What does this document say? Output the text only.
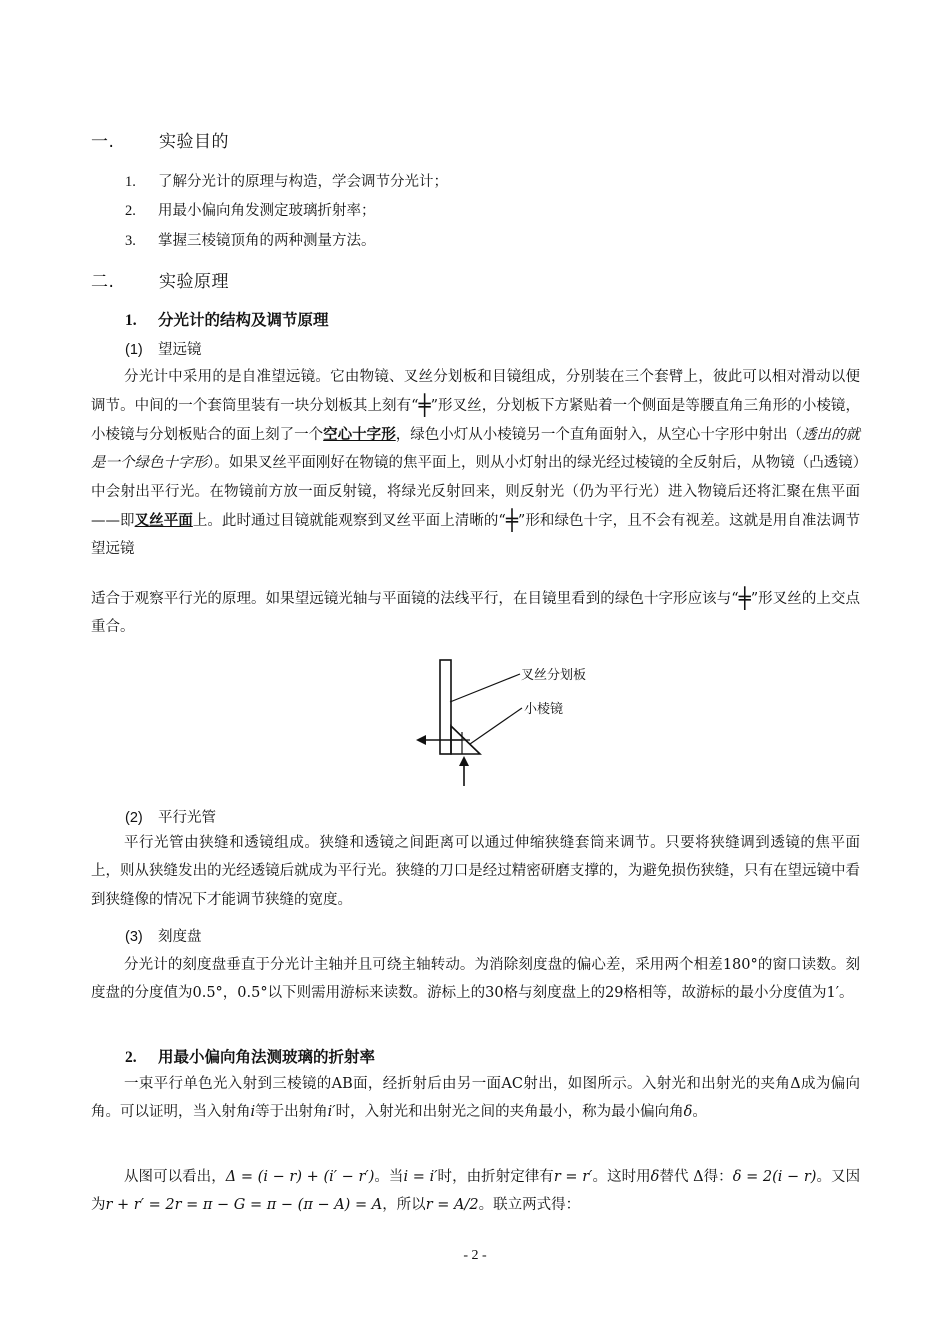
一.	实验目的
1. 了解分光计的原理与构造，学会调节分光计；
2. 用最小偏向角发测定玻璃折射率；
3. 掌握三棱镜顶角的两种测量方法。
二.	实验原理
1. 分光计的结构及调节原理
(1) 望远镜

分光计中采用的是自准望远镜。它由物镜、叉丝分划板和目镜组成，分别装在三个套臂上，彼此可以相对滑动以便调节。中间的一个套筒里装有一块分划板其上刻有“╪”形叉丝，分划板下方紧贴着一个侧面是等腰直角三角形的小棱镜，小棱镜与分划板贴合的面上刻了一个空心十字形，绿色小灯从小棱镜另一个直角面射入，从空心十字形中射出（透出的就是一个绿色十字形）。如果叉丝平面刚好在物镜的焦平面上，则从小灯射出的绿光经过棱镜的全反射后，从物镜（凸透镜）中会射出平行光。在物镜前方放一面反射镜，将绿光反射回来，则反射光（仍为平行光）进入物镜后还将汇聚在焦平面——即叉丝平面上。此时通过目镜就能观察到叉丝平面上清晰的“╪”形和绿色十字，且不会有视差。这就是用自准法调节望远镜

适合于观察平行光的原理。如果望远镜光轴与平面镜的法线平行，在目镜里看到的绿色十字形应该与“╪”形叉丝的上交点重合。

叉丝分划板
小棱镜
(2) 平行光管

平行光管由狭缝和透镜组成。狭缝和透镜之间距离可以通过伸缩狭缝套筒来调节。只要将狭缝调到透镜的焦平面上，则从狭缝发出的光经透镜后就成为平行光。狭缝的刀口是经过精密研磨支撑的，为避免损伤狭缝，只有在望远镜中看到狭缝像的情况下才能调节狭缝的宽度。

(3) 刻度盘

分光计的刻度盘垂直于分光计主轴并且可绕主轴转动。为消除刻度盘的偏心差，采用两个相差180°的窗口读数。刻度盘的分度值为0.5°，0.5°以下则需用游标来读数。游标上的30格与刻度盘上的29格相等，故游标的最小分度值为1′。

2. 用最小偏向角法测玻璃的折射率

一束平行单色光入射到三棱镜的AB面，经折射后由另一面AC射出，如图所示。入射光和出射光的夹角Δ成为偏向角。可以证明，当入射角i等于出射角i′时，入射光和出射光之间的夹角最小，称为最小偏向角δ。

从图可以看出，Δ = (i − r) + (i′ − r′)。当i = i′时，由折射定律有r = r′。这时用δ替代 Δ得：δ = 2(i − r)。又因为r + r′ = 2r = π − G = π − (π − A) = A，所以r = A/2。联立两式得：

- 2 -
